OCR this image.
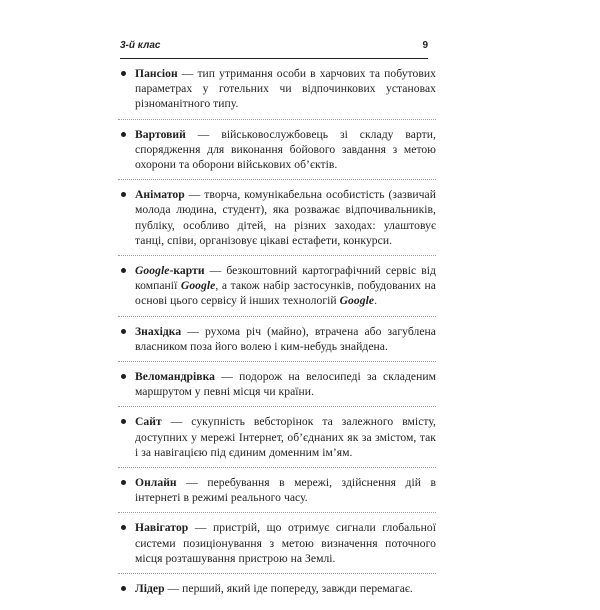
3-й клас	9
Пансіон — тип утримання особи в харчових та побутових параметрах у готельних чи відпочинкових установах різноманітного типу.
Вартовий — військовослужбовець зі складу варти, спорядження для виконання бойового завдання з метою охорони та оборони військових об’єктів.
Аніматор — творча, комунікабельна особистість (зазвичай молода людина, студент), яка розважає відпочивальників, публіку, особливо дітей, на різних заходах: улаштовує танці, співи, організовує цікаві естафети, конкурси.
Google-карти — безкоштовний картографічний сервіс від компанії Google, а також набір застосунків, побудованих на основі цього сервісу й інших технологій Google.
Знахідка — рухома річ (майно), втрачена або загублена власником поза його волею і ким-небудь знайдена.
Веломандрівка — подорож на велосипеді за складеним маршрутом у певні місця чи країни.
Сайт — сукупність вебсторінок та залежного вмісту, доступних у мережі Інтернет, об’єднаних як за змістом, так і за навігацією під єдиним доменним ім’ям.
Онлайн — перебування в мережі, здійснення дій в інтернеті в режимі реального часу.
Навігатор — пристрій, що отримує сигнали глобальної системи позиціонування з метою визначення поточного місця розташування пристрою на Землі.
Лідер — перший, який іде попереду, завжди перемагає.
